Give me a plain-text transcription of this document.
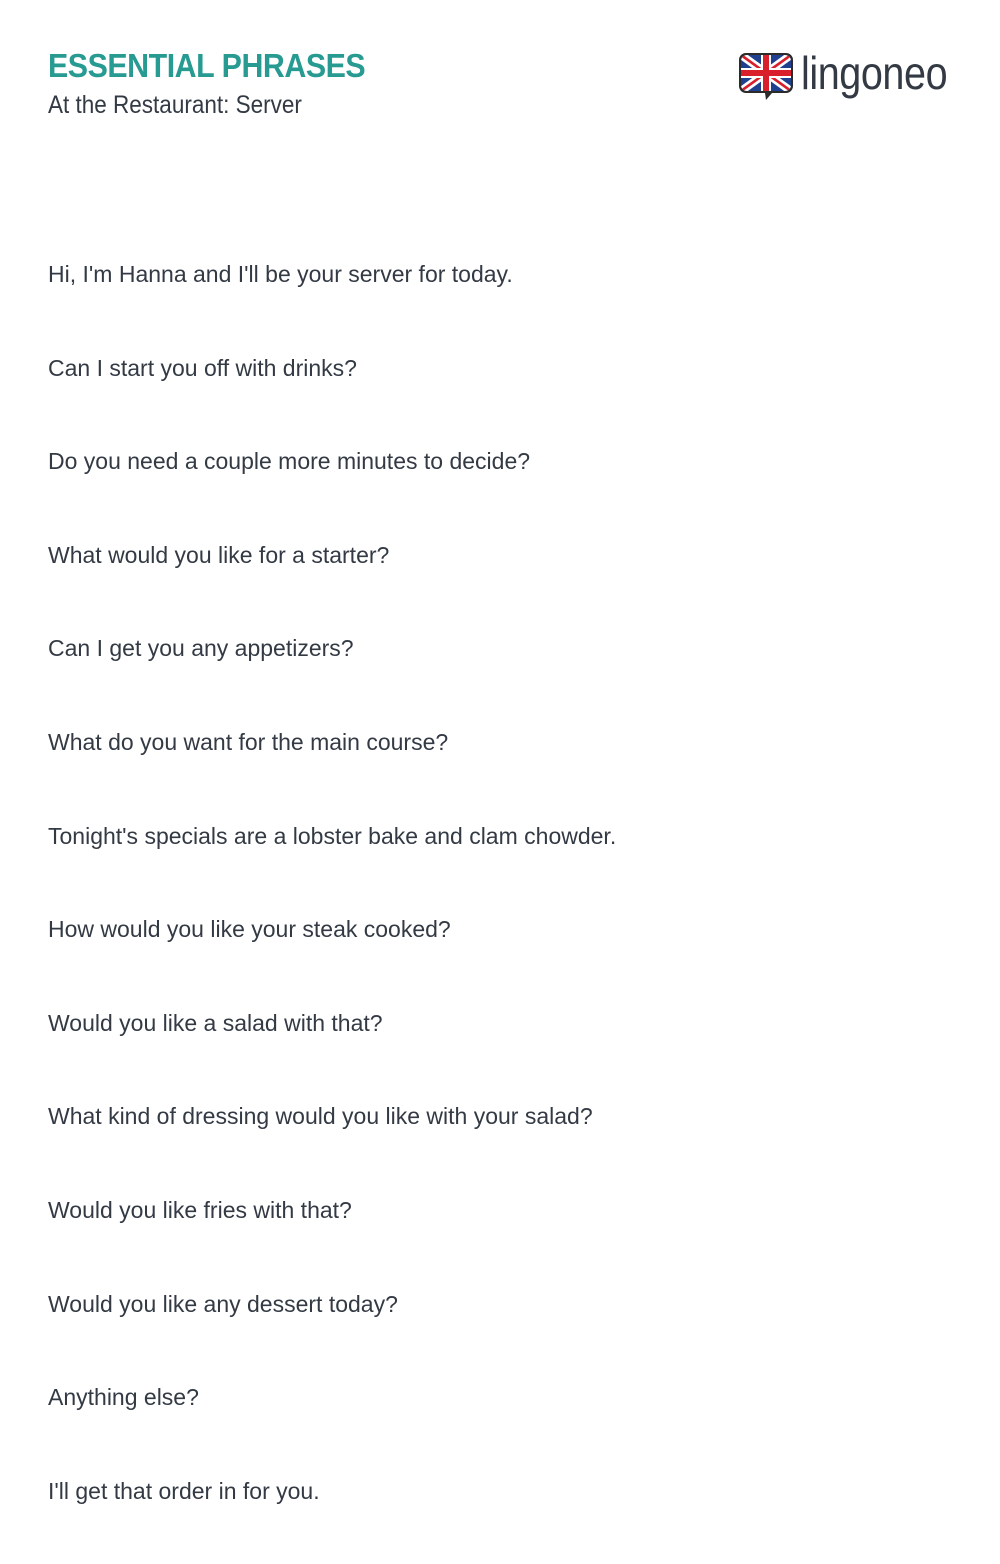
ESSENTIAL PHRASES

At the Restaurant: Server

lingoneo
Hi, I'm Hanna and I'll be your server for today.
Can I start you off with drinks?
Do you need a couple more minutes to decide?
What would you like for a starter?
Can I get you any appetizers?
What do you want for the main course?
Tonight's specials are a lobster bake and clam chowder.
How would you like your steak cooked?
Would you like a salad with that?
What kind of dressing would you like with your salad?
Would you like fries with that?
Would you like any dessert today?
Anything else?
I'll get that order in for you.
